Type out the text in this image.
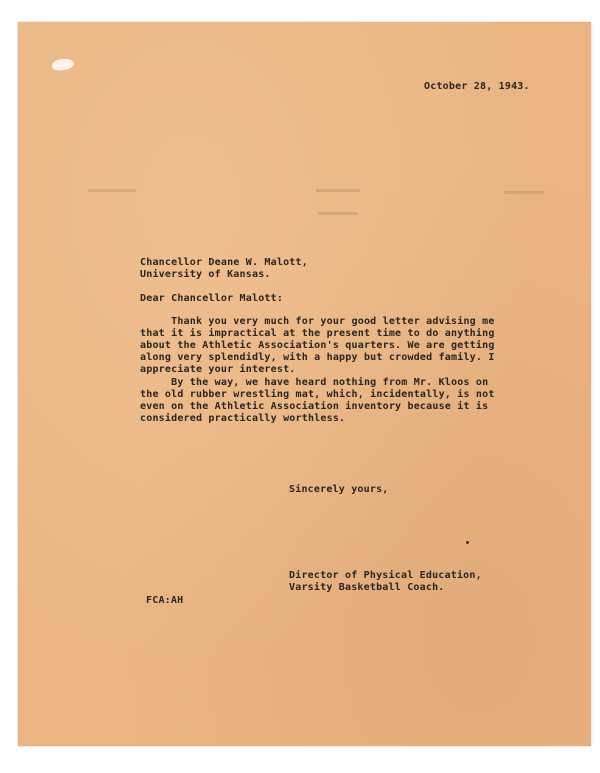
October 28, 1943.
Chancellor Deane W. Malott,
University of Kansas.
Dear Chancellor Malott:
Thank you very much for your good letter advising me
that it is impractical at the present time to do anything
about the Athletic Association's quarters. We are getting
along very splendidly, with a happy but crowded family. I
appreciate your interest.
By the way, we have heard nothing from Mr. Kloos on
the old rubber wrestling mat, which, incidentally, is not
even on the Athletic Association inventory because it is
considered practically worthless.
Sincerely yours,
Director of Physical Education,
Varsity Basketball Coach.
FCA:AH
